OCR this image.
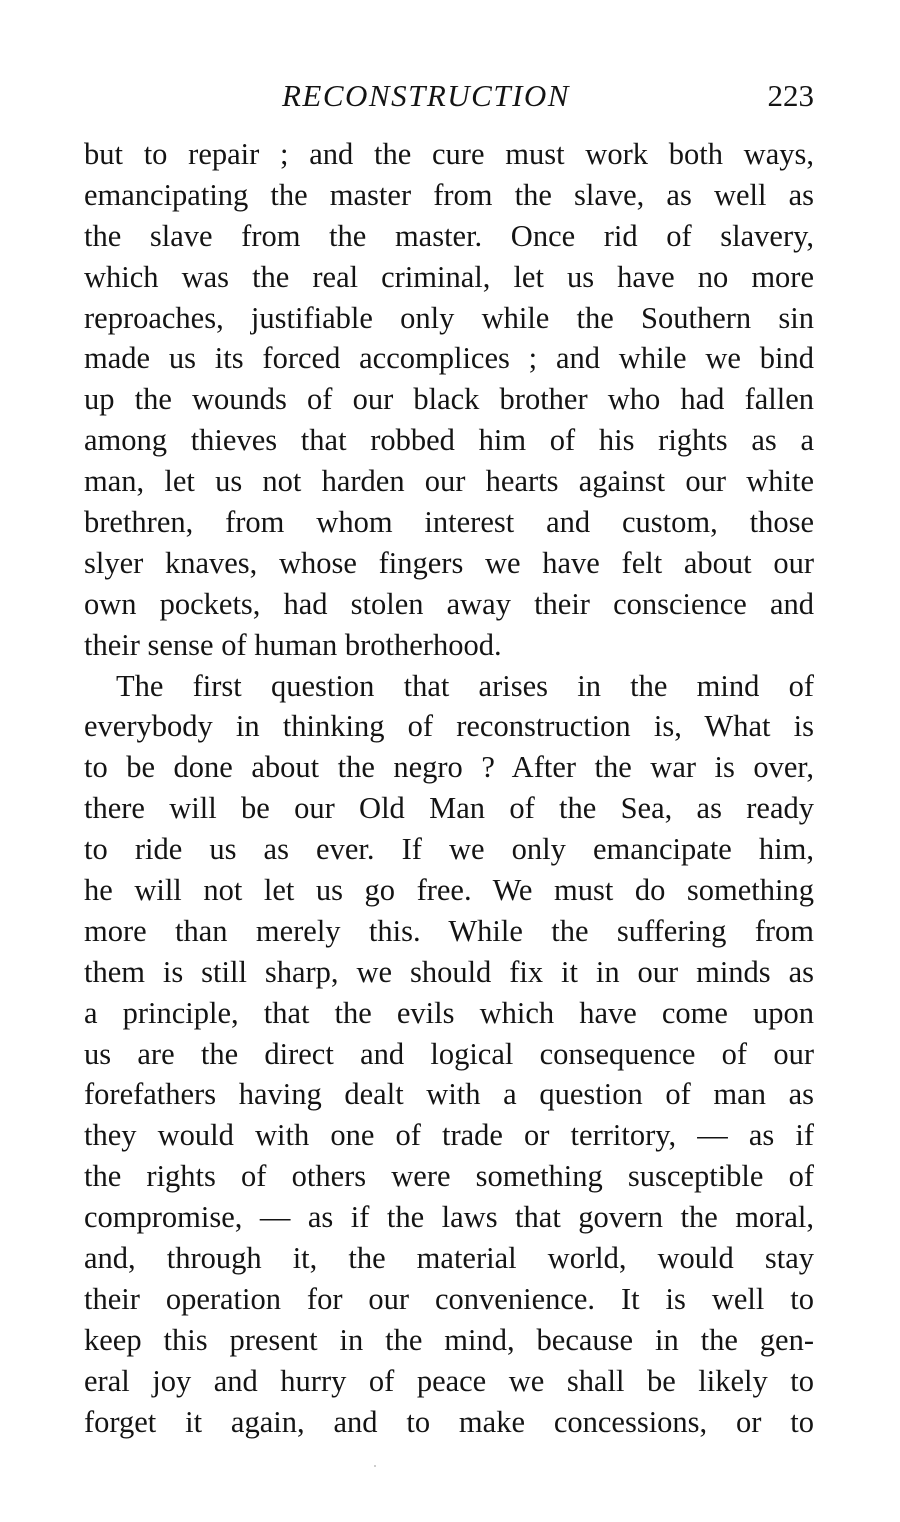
RECONSTRUCTION	223
but to repair ; and the cure must work both ways,
emancipating the master from the slave, as well as
the slave from the master. Once rid of slavery,
which was the real criminal, let us have no more
reproaches, justifiable only while the Southern sin
made us its forced accomplices ; and while we bind
up the wounds of our black brother who had fallen
among thieves that robbed him of his rights as a
man, let us not harden our hearts against our white
brethren, from whom interest and custom, those
slyer knaves, whose fingers we have felt about our
own pockets, had stolen away their conscience and
their sense of human brotherhood.
The first question that arises in the mind of
everybody in thinking of reconstruction is, What is
to be done about the negro ? After the war is over,
there will be our Old Man of the Sea, as ready
to ride us as ever. If we only emancipate him,
he will not let us go free. We must do something
more than merely this. While the suffering from
them is still sharp, we should fix it in our minds as
a principle, that the evils which have come upon
us are the direct and logical consequence of our
forefathers having dealt with a question of man as
they would with one of trade or territory, — as if
the rights of others were something susceptible of
compromise, — as if the laws that govern the moral,
and, through it, the material world, would stay
their operation for our convenience. It is well to
keep this present in the mind, because in the gen-
eral joy and hurry of peace we shall be likely to
forget it again, and to make concessions, or to
